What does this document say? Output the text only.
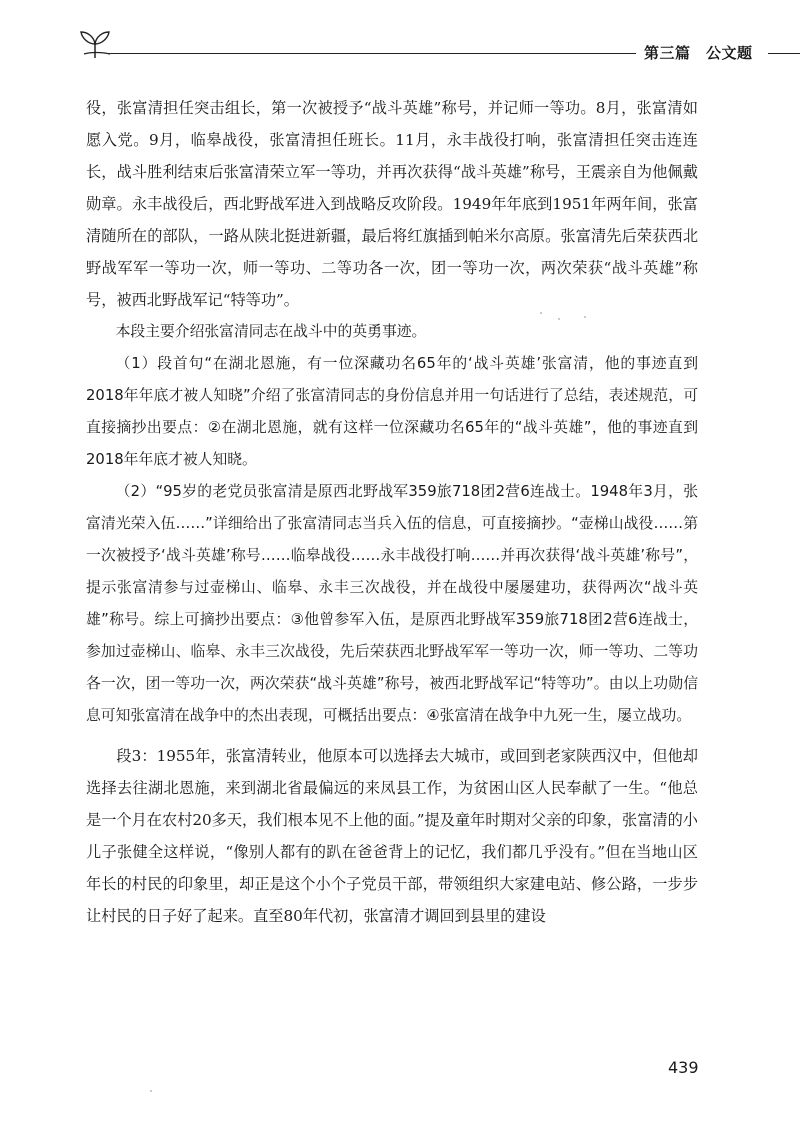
第三篇　公文题

役，张富清担任突击组长，第一次被授予“战斗英雄”称号，并记师一等功。8月，张富清如愿入党。9月，临皋战役，张富清担任班长。11月，永丰战役打响，张富清担任突击连连长，战斗胜利结束后张富清荣立军一等功，并再次获得“战斗英雄”称号，王震亲自为他佩戴勋章。永丰战役后，西北野战军进入到战略反攻阶段。1949年年底到1951年两年间，张富清随所在的部队，一路从陕北挺进新疆，最后将红旗插到帕米尔高原。张富清先后荣获西北野战军军一等功一次，师一等功、二等功各一次，团一等功一次，两次荣获“战斗英雄”称号，被西北野战军记“特等功”。

本段主要介绍张富清同志在战斗中的英勇事迹。

（1）段首句“在湖北恩施，有一位深藏功名65年的‘战斗英雄’张富清，他的事迹直到2018年年底才被人知晓”介绍了张富清同志的身份信息并用一句话进行了总结，表述规范，可直接摘抄出要点：②在湖北恩施，就有这样一位深藏功名65年的“战斗英雄”，他的事迹直到2018年年底才被人知晓。

（2）“95岁的老党员张富清是原西北野战军359旅718团2营6连战士。1948年3月，张富清光荣入伍……”详细给出了张富清同志当兵入伍的信息，可直接摘抄。“壶梯山战役……第一次被授予‘战斗英雄’称号……临皋战役……永丰战役打响……并再次获得‘战斗英雄’称号”，提示张富清参与过壶梯山、临皋、永丰三次战役，并在战役中屡屡建功，获得两次“战斗英雄”称号。综上可摘抄出要点：③他曾参军入伍，是原西北野战军359旅718团2营6连战士，参加过壶梯山、临皋、永丰三次战役，先后荣获西北野战军军一等功一次，师一等功、二等功各一次，团一等功一次，两次荣获“战斗英雄”称号，被西北野战军记“特等功”。由以上功勋信息可知张富清在战争中的杰出表现，可概括出要点：④张富清在战争中九死一生，屡立战功。

段3：1955年，张富清转业，他原本可以选择去大城市，或回到老家陕西汉中，但他却选择去往湖北恩施，来到湖北省最偏远的来凤县工作，为贫困山区人民奉献了一生。“他总是一个月在农村20多天，我们根本见不上他的面。”提及童年时期对父亲的印象，张富清的小儿子张健全这样说，“像别人都有的趴在爸爸背上的记忆，我们都几乎没有。”但在当地山区年长的村民的印象里，却正是这个小个子党员干部，带领组织大家建电站、修公路，一步步让村民的日子好了起来。直至80年代初，张富清才调回到县里的建设

439
